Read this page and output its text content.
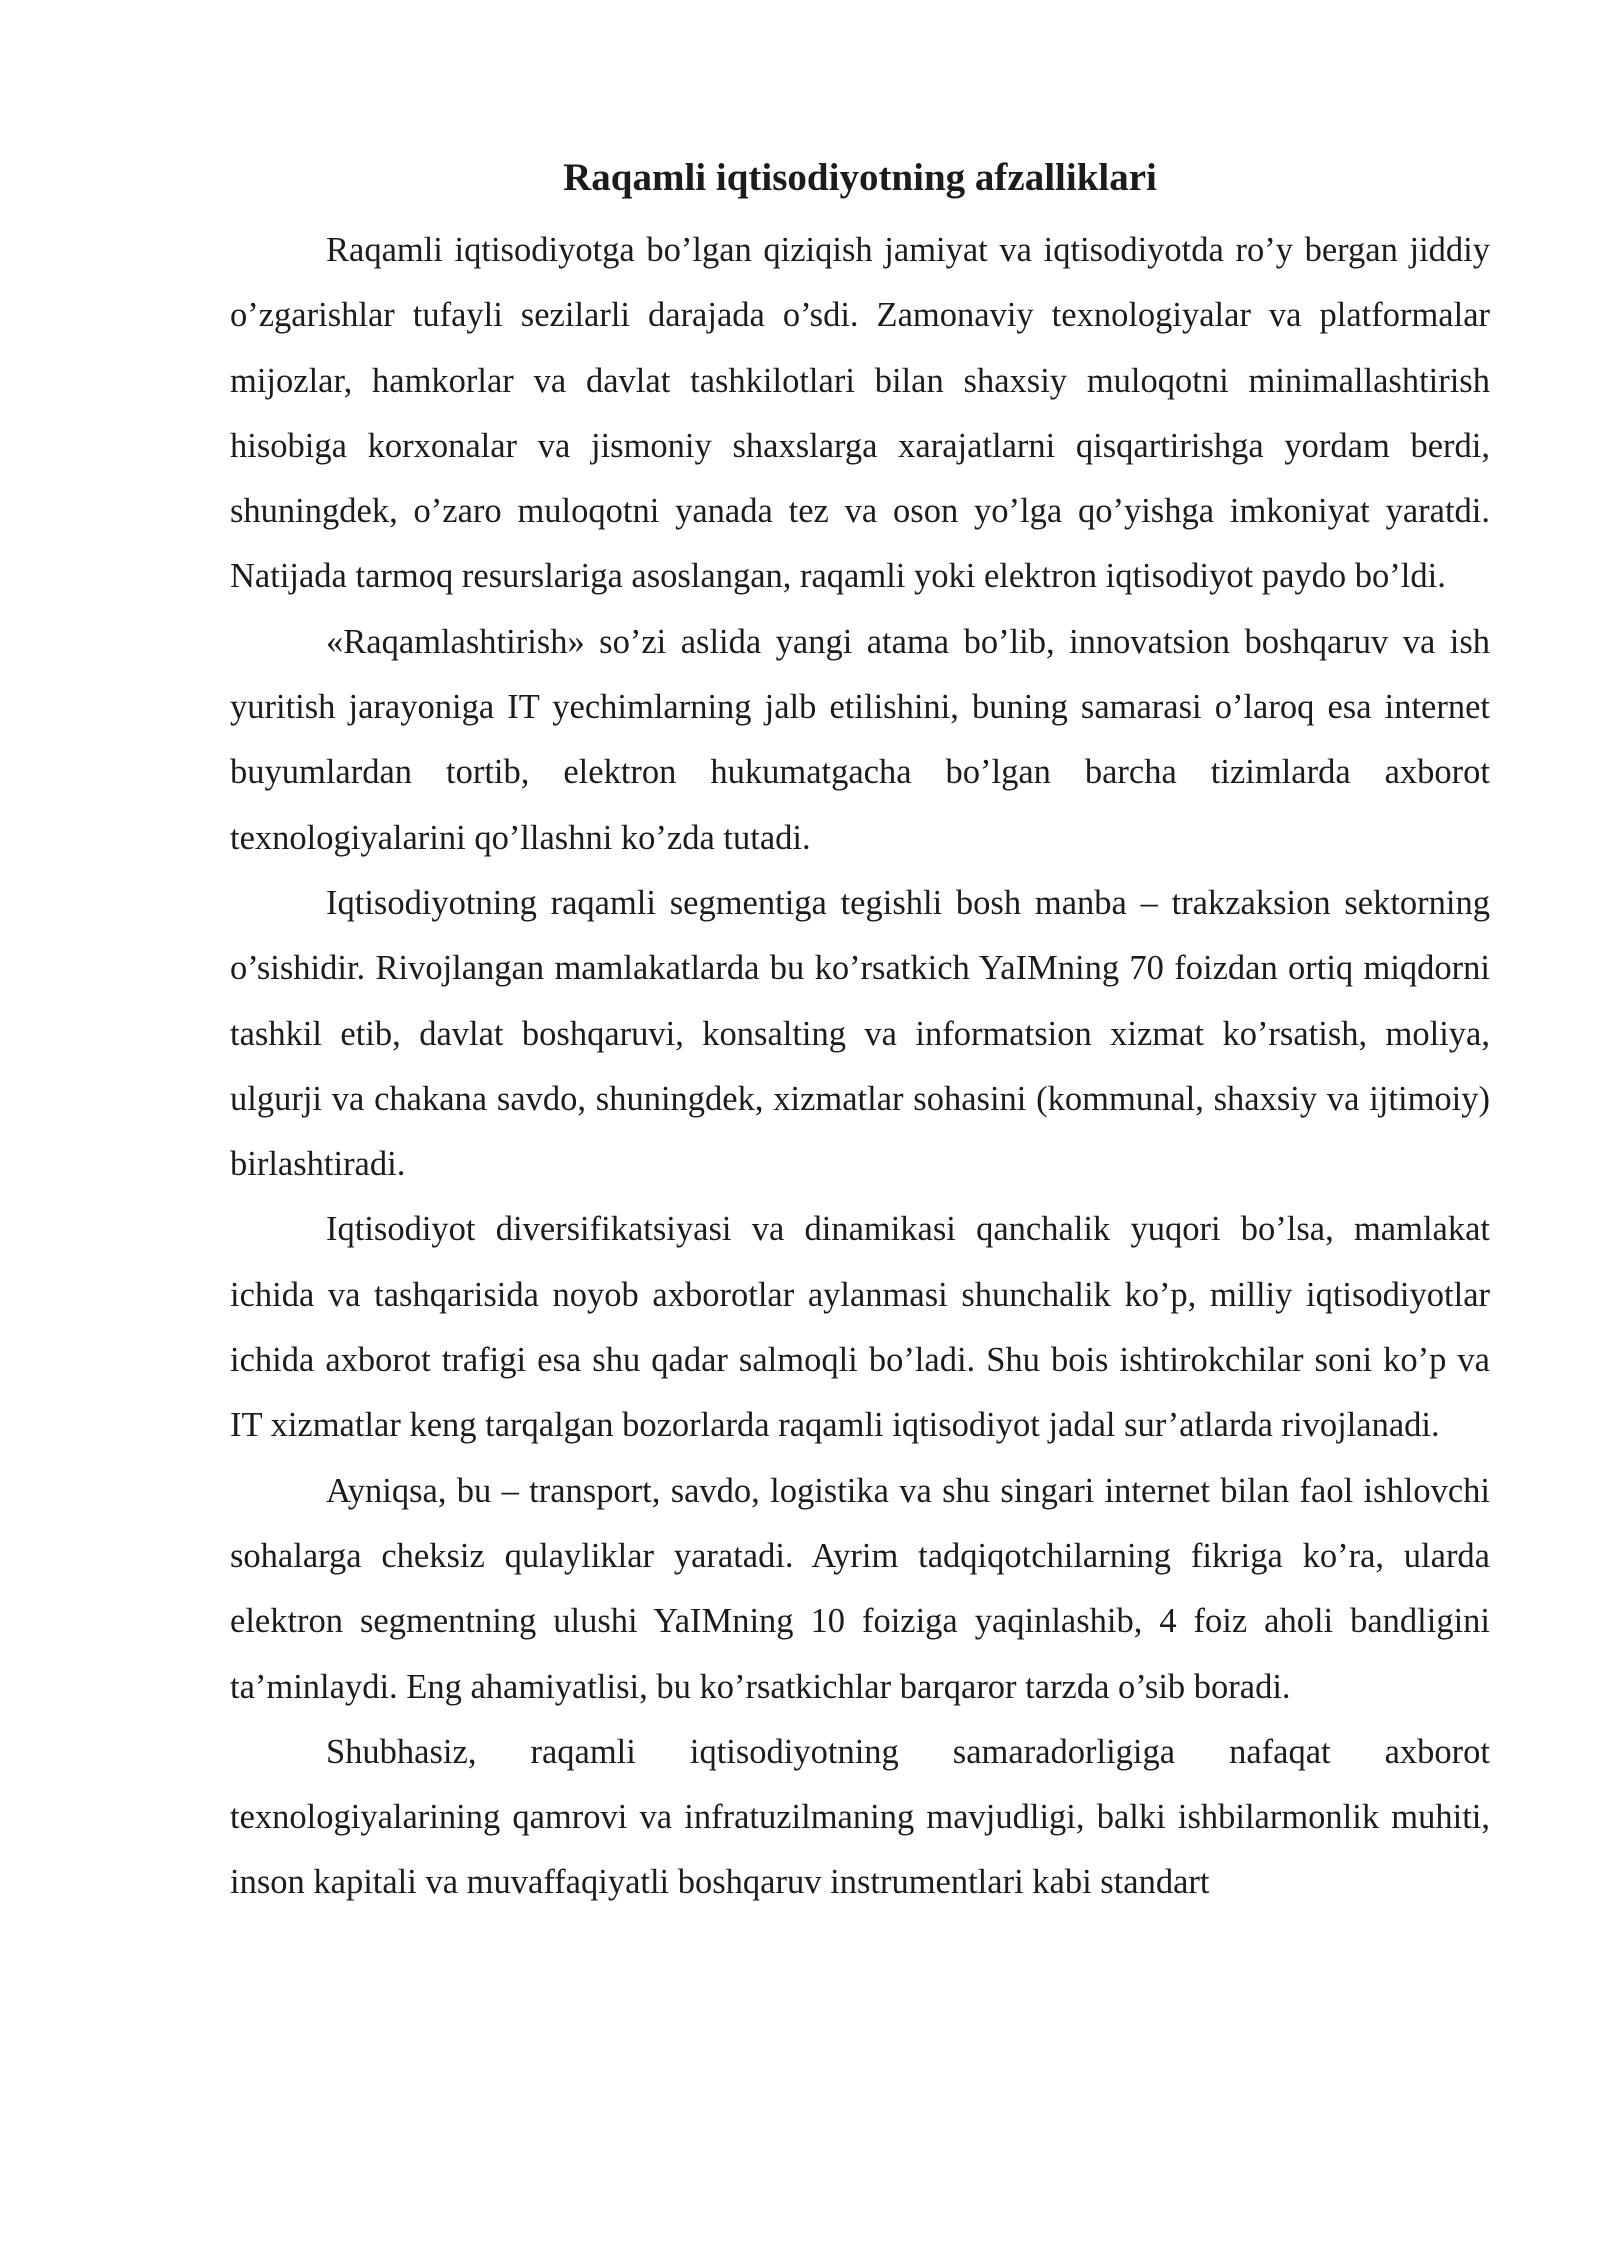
Raqamli iqtisodiyotning afzalliklari

Raqamli iqtisodiyotga bo’lgan qiziqish jamiyat va iqtisodiyotda ro’y bergan jiddiy o’zgarishlar tufayli sezilarli darajada o’sdi. Zamonaviy texnologiyalar va platformalar mijozlar, hamkorlar va davlat tashkilotlari bilan shaxsiy muloqotni minimallashtirish hisobiga korxonalar va jismoniy shaxslarga xarajatlarni qisqartirishga yordam berdi, shuningdek, o’zaro muloqotni yanada tez va oson yo’lga qo’yishga imkoniyat yaratdi. Natijada tarmoq resurslariga asoslangan, raqamli yoki elektron iqtisodiyot paydo bo’ldi.

«Raqamlashtirish» so’zi aslida yangi atama bo’lib, innovatsion boshqaruv va ish yuritish jarayoniga IT yechimlarning jalb etilishini, buning samarasi o’laroq esa internet buyumlardan tortib, elektron hukumatgacha bo’lgan barcha tizimlarda axborot texnologiyalarini qo’llashni ko’zda tutadi.

Iqtisodiyotning raqamli segmentiga tegishli bosh manba – trakzaksion sektorning o’sishidir. Rivojlangan mamlakatlarda bu ko’rsatkich YaIMning 70 foizdan ortiq miqdorni tashkil etib, davlat boshqaruvi, konsalting va informatsion xizmat ko’rsatish, moliya, ulgurji va chakana savdo, shuningdek, xizmatlar sohasini (kommunal, shaxsiy va ijtimoiy) birlashtiradi.

Iqtisodiyot diversifikatsiyasi va dinamikasi qanchalik yuqori bo’lsa, mamlakat ichida va tashqarisida noyob axborotlar aylanmasi shunchalik ko’p, milliy iqtisodiyotlar ichida axborot trafigi esa shu qadar salmoqli bo’ladi. Shu bois ishtirokchilar soni ko’p va IT xizmatlar keng tarqalgan bozorlarda raqamli iqtisodiyot jadal sur’atlarda rivojlanadi.

Ayniqsa, bu – transport, savdo, logistika va shu singari internet bilan faol ishlovchi sohalarga cheksiz qulayliklar yaratadi. Ayrim tadqiqotchilarning fikriga ko’ra, ularda elektron segmentning ulushi YaIMning 10 foiziga yaqinlashib, 4 foiz aholi bandligini ta’minlaydi. Eng ahamiyatlisi, bu ko’rsatkichlar barqaror tarzda o’sib boradi.

Shubhasiz, raqamli iqtisodiyotning samaradorligiga nafaqat axborot texnologiyalarining qamrovi va infratuzilmaning mavjudligi, balki ishbilarmonlik muhiti, inson kapitali va muvaffaqiyatli boshqaruv instrumentlari kabi standart
